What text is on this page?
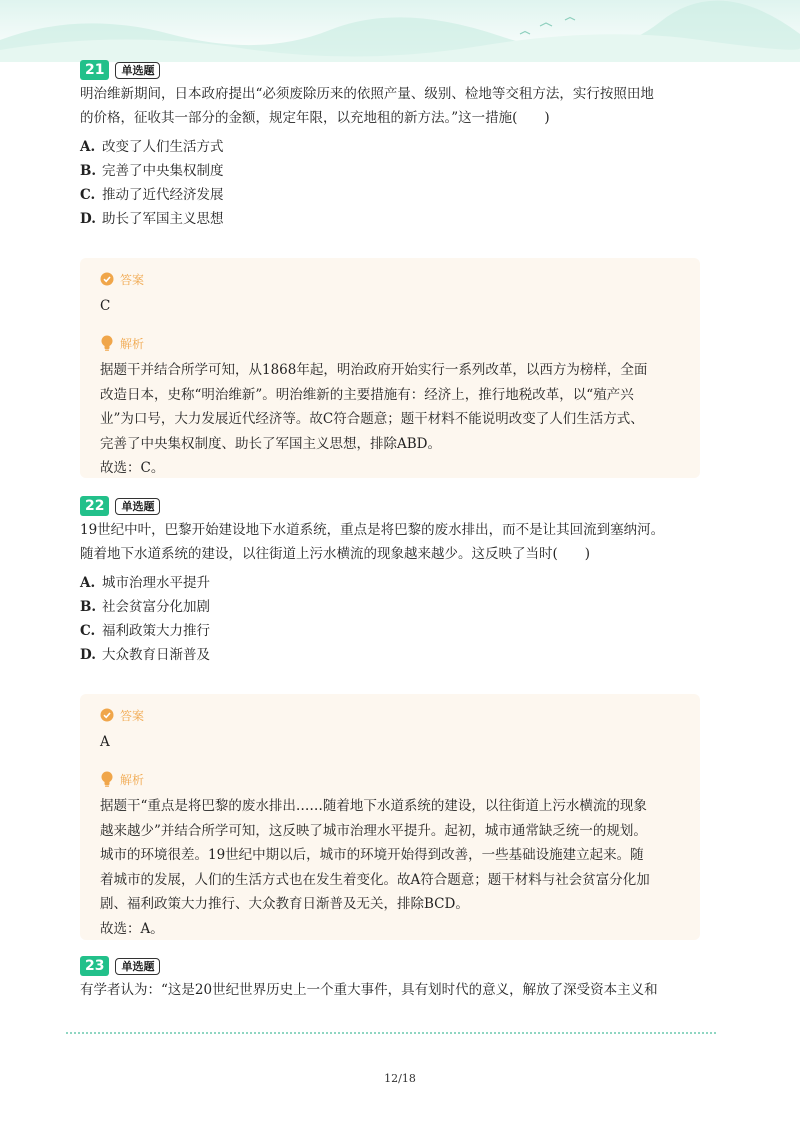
21	单选题
明治维新期间，日本政府提出“必须废除历来的依照产量、级别、检地等交租方法，实行按照田地
的价格，征收其一部分的金额，规定年限，以充地租的新方法。”这一措施(　　)
A. 改变了人们生活方式
B. 完善了中央集权制度
C. 推动了近代经济发展
D. 助长了军国主义思想
答案
C
解析
据题干并结合所学可知，从1868年起，明治政府开始实行一系列改革，以西方为榜样，全面
改造日本，史称“明治维新”。明治维新的主要措施有：经济上，推行地税改革，以“殖产兴
业”为口号，大力发展近代经济等。故C符合题意；题干材料不能说明改变了人们生活方式、
完善了中央集权制度、助长了军国主义思想，排除ABD。
故选：C。
22	单选题
19世纪中叶，巴黎开始建设地下水道系统，重点是将巴黎的废水排出，而不是让其回流到塞纳河。
随着地下水道系统的建设，以往街道上污水横流的现象越来越少。这反映了当时(　　)
A. 城市治理水平提升
B. 社会贫富分化加剧
C. 福利政策大力推行
D. 大众教育日渐普及
答案
A
解析
据题干“重点是将巴黎的废水排出……随着地下水道系统的建设，以往街道上污水横流的现象
越来越少”并结合所学可知，这反映了城市治理水平提升。起初，城市通常缺乏统一的规划。
城市的环境很差。19世纪中期以后，城市的环境开始得到改善，一些基础设施建立起来。随
着城市的发展，人们的生活方式也在发生着变化。故A符合题意；题干材料与社会贫富分化加
剧、福利政策大力推行、大众教育日渐普及无关，排除BCD。
故选：A。
23	单选题
有学者认为：“这是20世纪世界历史上一个重大事件，具有划时代的意义，解放了深受资本主义和
12/18
